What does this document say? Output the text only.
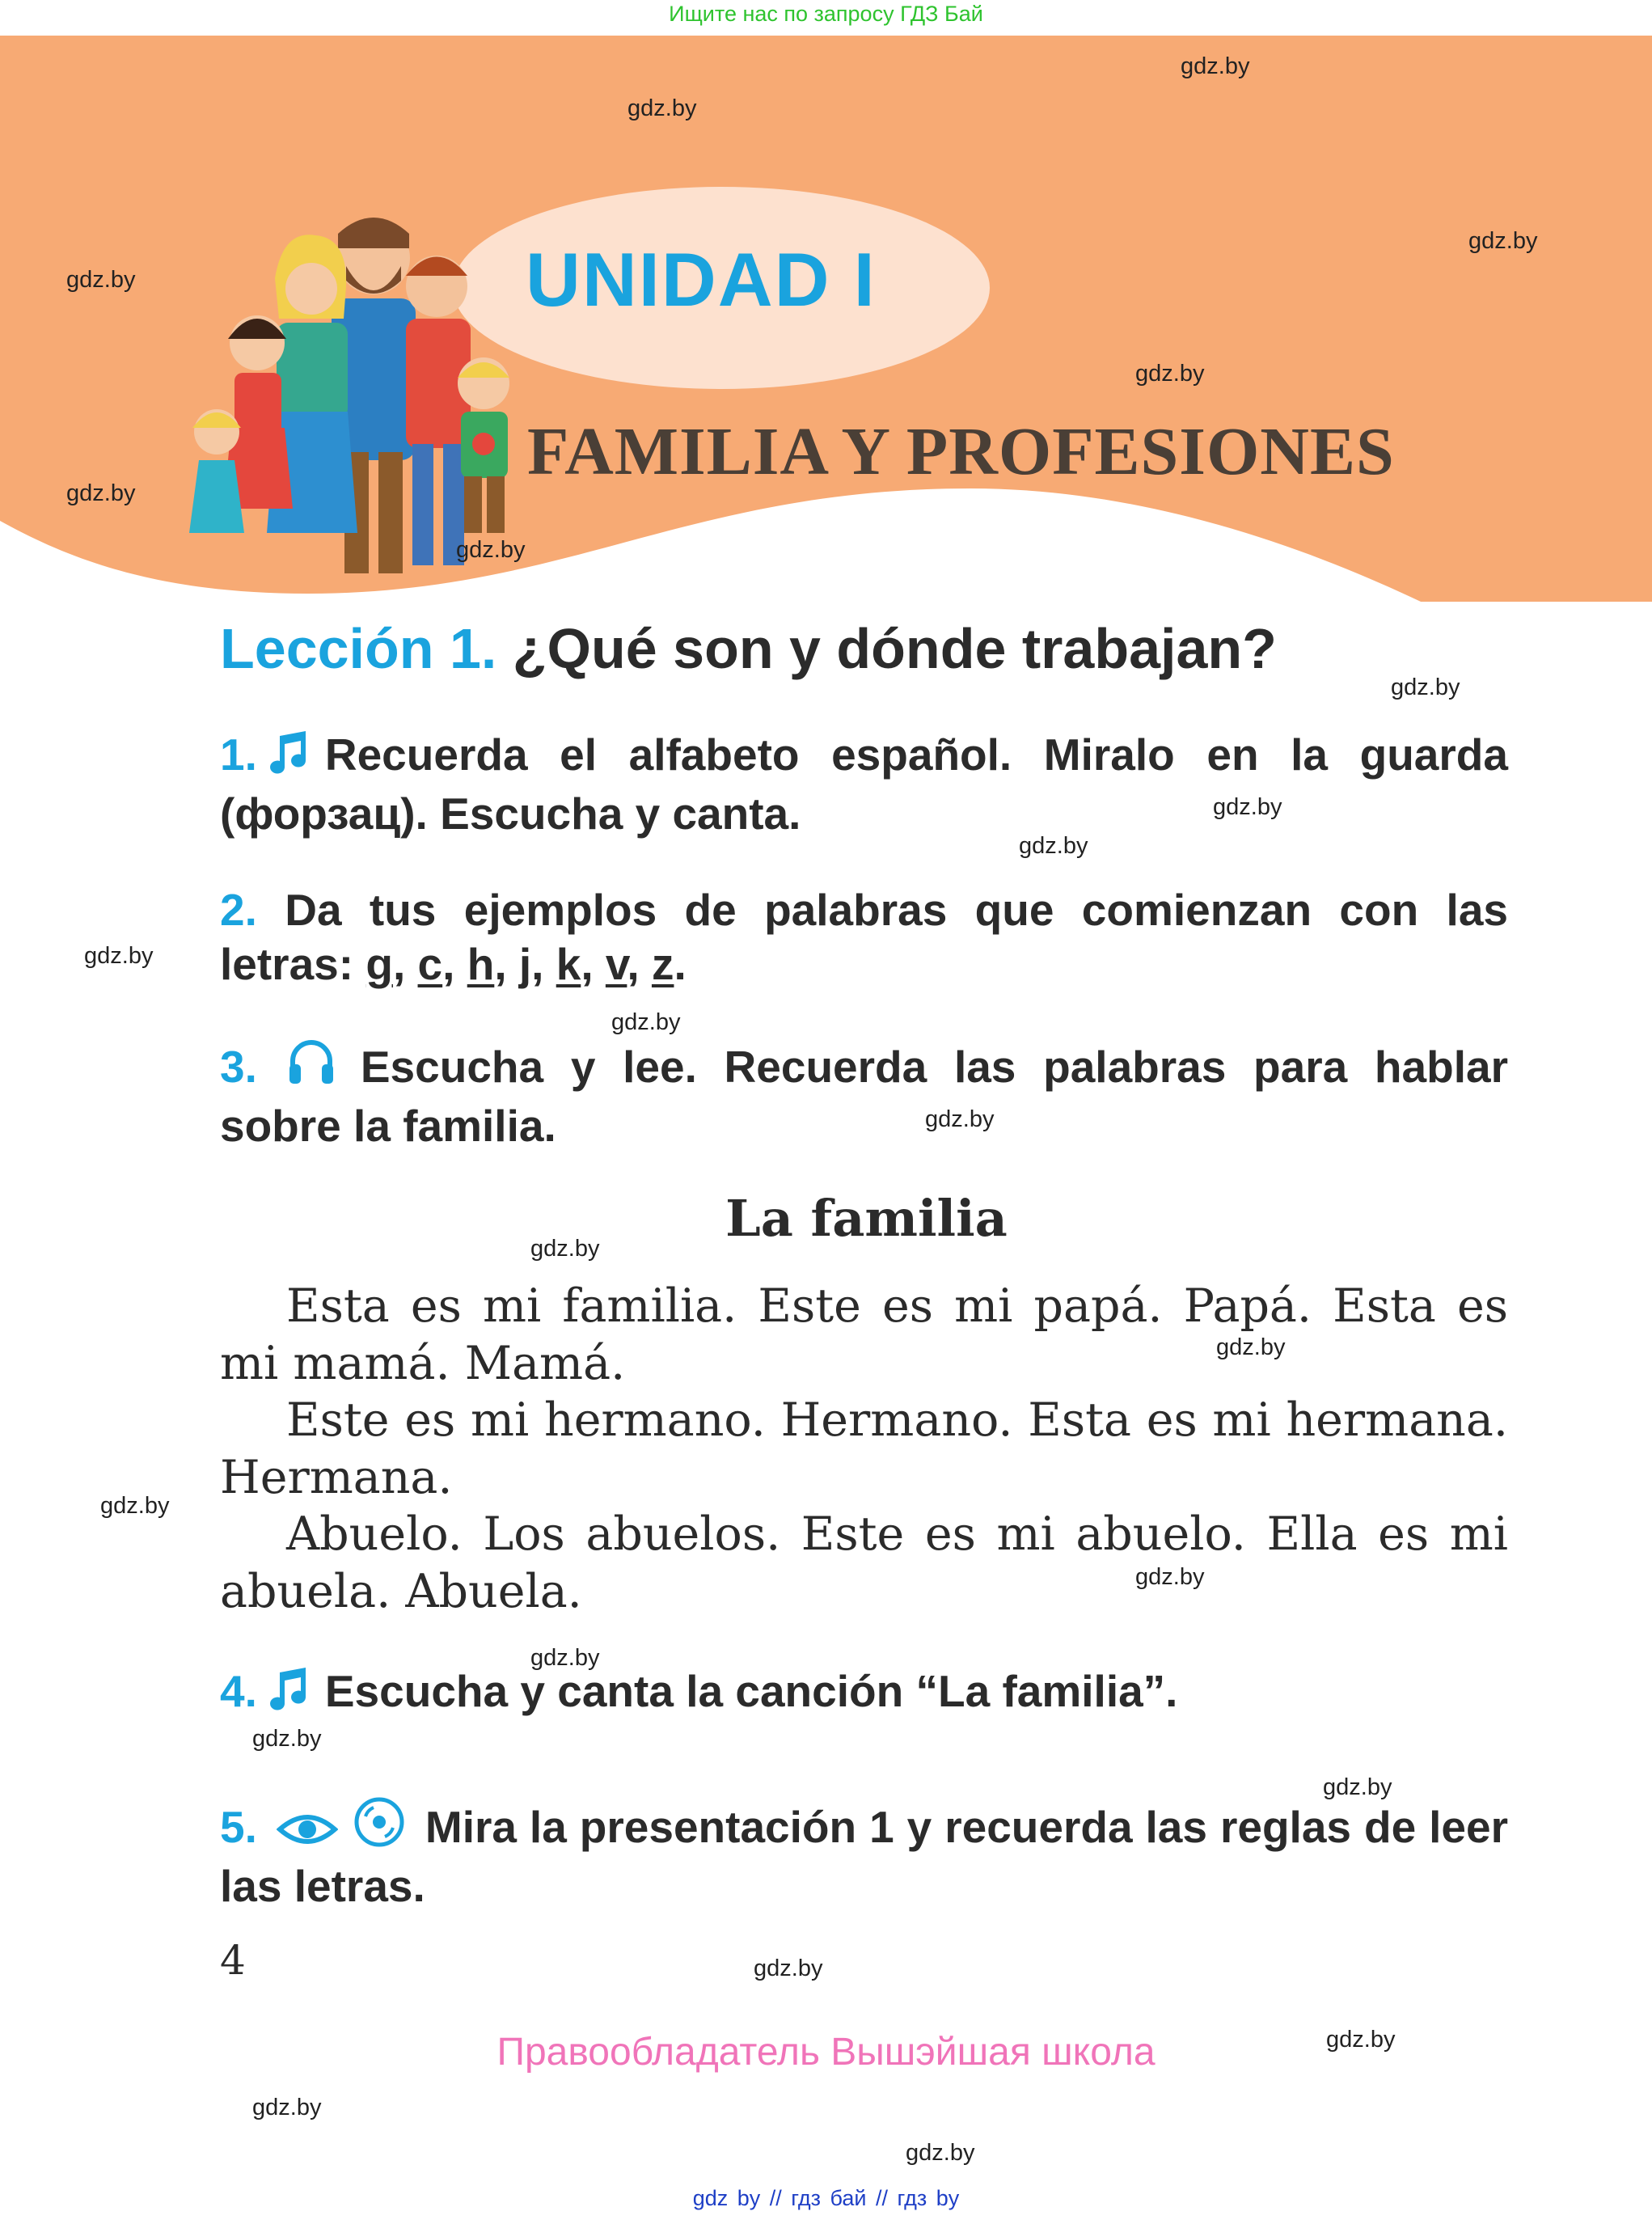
Ищите нас по запросу ГДЗ Бай
UNIDAD I
FAMILIA Y PROFESIONES
Lección 1. ¿Qué son y dónde trabajan?
1. Recuerda el alfabeto español. Miralo en la guarda (форзац). Escucha y canta.
2. Da tus ejemplos de palabras que comienzan con las letras: g, c, h, j, k, v, z.
3. Escucha y lee. Recuerda las palabras para hablar sobre la familia.
La familia
Esta es mi familia. Este es mi papá. Papá. Esta es mi mamá. Mamá.
Este es mi hermano. Hermano. Esta es mi hermana. Hermana.
Abuelo. Los abuelos. Este es mi abuelo. Ella es mi abuela. Abuela.
4. Escucha y canta la canción “La familia”.
5.	Mira la presentación 1 y recuerda las reglas de leer las letras.
4
Правообладатель Вышэйшая школа
gdz by // гдз бай // гдз by
gdz.by
gdz.by
gdz.by
gdz.by
gdz.by
gdz.by
gdz.by
gdz.by
gdz.by
gdz.by
gdz.by
gdz.by
gdz.by
gdz.by
gdz.by
gdz.by
gdz.by
gdz.by
gdz.by
gdz.by
gdz.by
gdz.by
gdz.by
gdz.by
